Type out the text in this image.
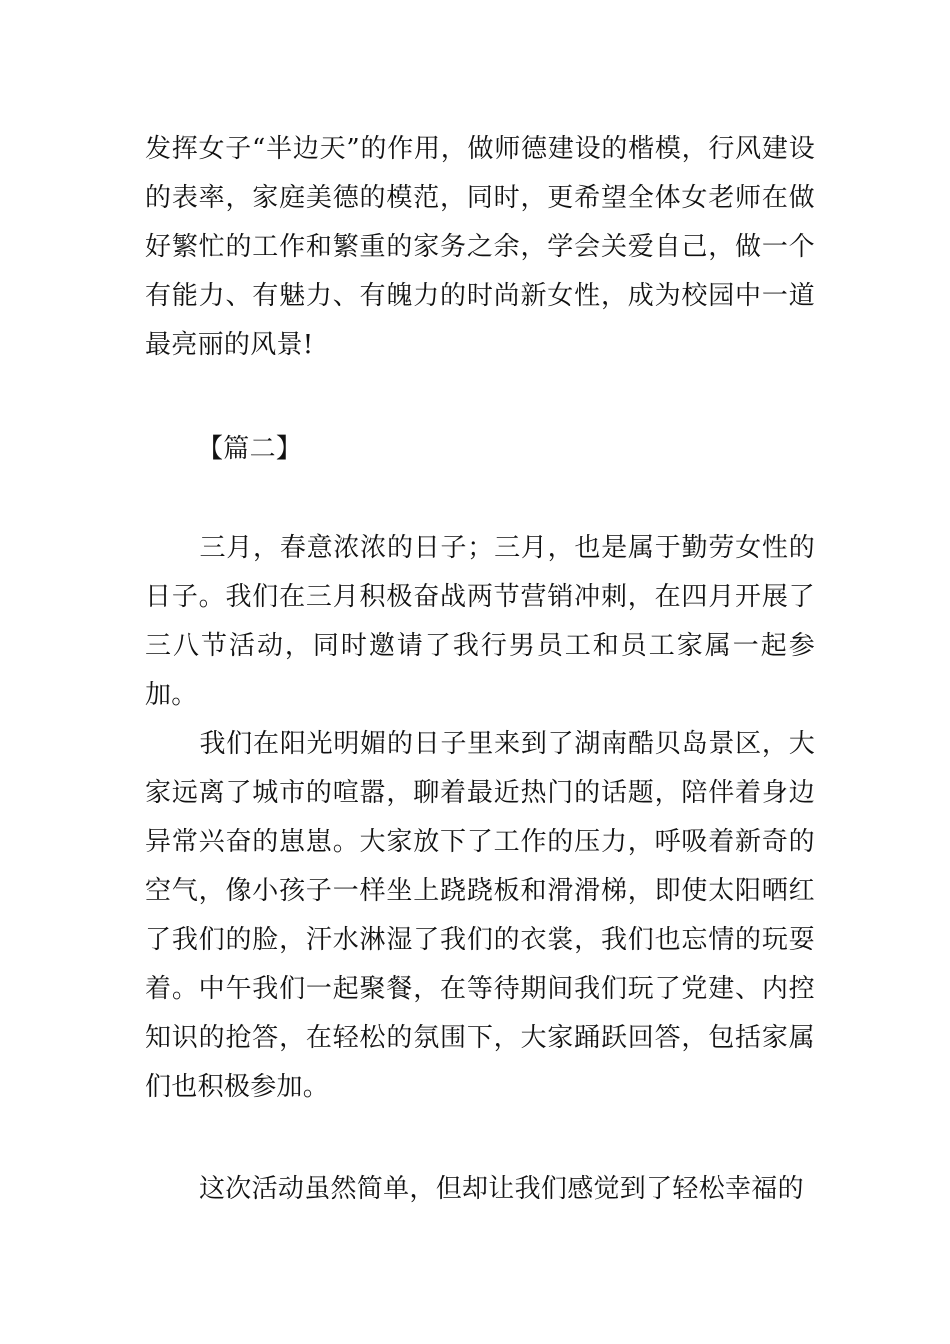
发挥女子“半边天”的作用，做师德建设的楷模，行风建设的表率，家庭美德的模范，同时，更希望全体女老师在做好繁忙的工作和繁重的家务之余，学会关爱自己，做一个有能力、有魅力、有魄力的时尚新女性，成为校园中一道最亮丽的风景!

【篇二】

三月，春意浓浓的日子；三月，也是属于勤劳女性的日子。我们在三月积极奋战两节营销冲刺，在四月开展了三八节活动，同时邀请了我行男员工和员工家属一起参加。

我们在阳光明媚的日子里来到了湖南酷贝岛景区，大家远离了城市的喧嚣，聊着最近热门的话题，陪伴着身边异常兴奋的崽崽。大家放下了工作的压力，呼吸着新奇的空气，像小孩子一样坐上跷跷板和滑滑梯，即使太阳晒红了我们的脸，汗水淋湿了我们的衣裳，我们也忘情的玩耍着。中午我们一起聚餐，在等待期间我们玩了党建、内控知识的抢答，在轻松的氛围下，大家踊跃回答，包括家属们也积极参加。

这次活动虽然简单，但却让我们感觉到了轻松幸福的
